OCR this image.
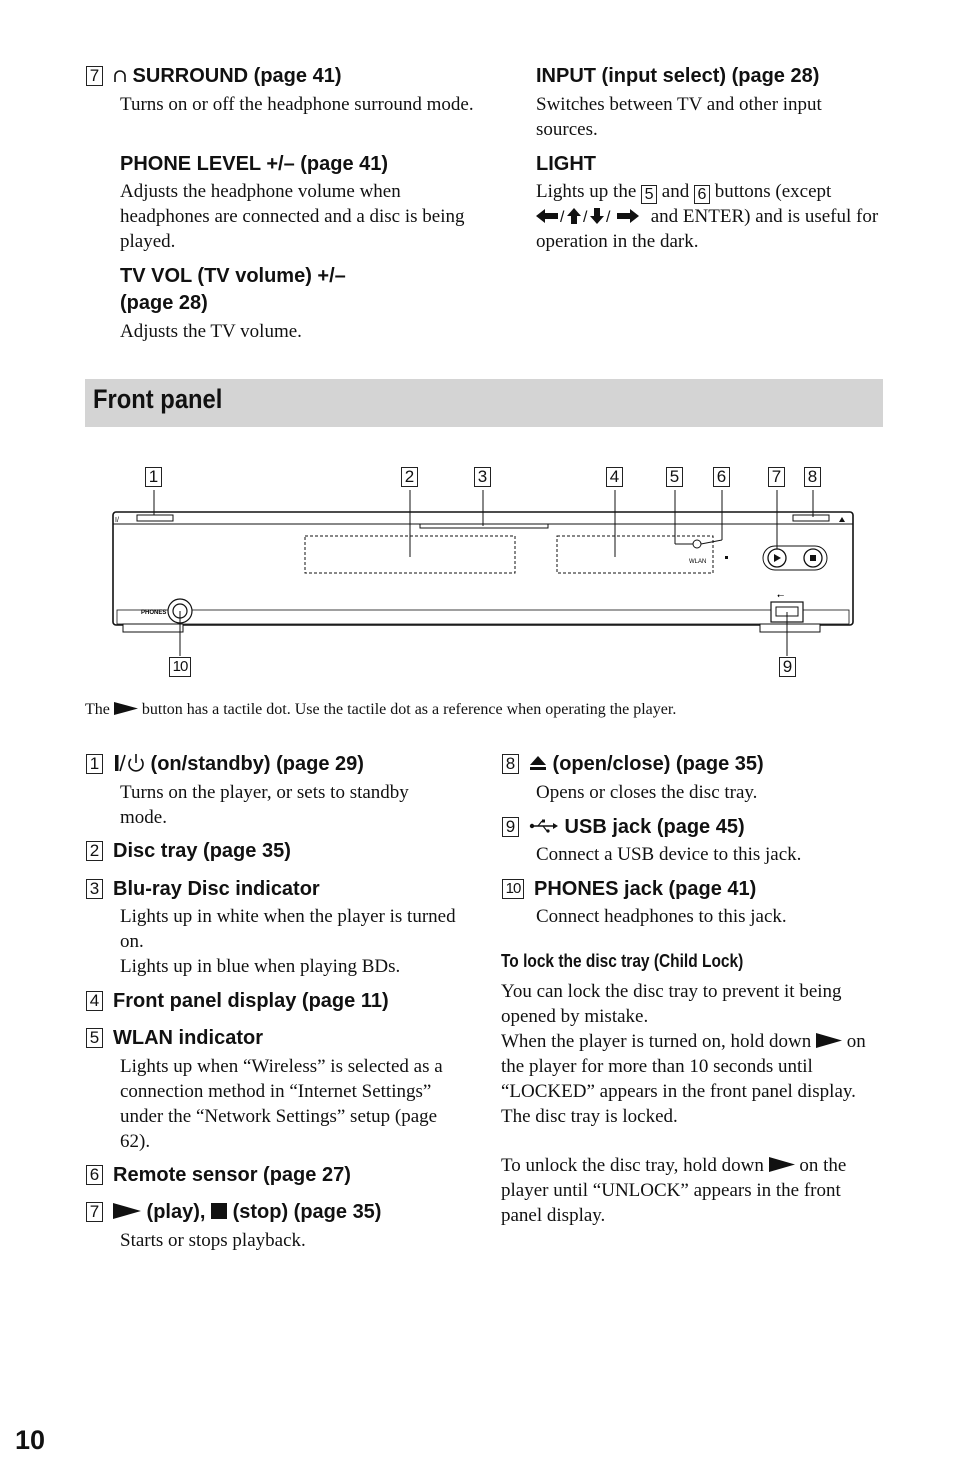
7 SURROUND (page 41)
Turns on or off the headphone surround mode.
PHONE LEVEL +/– (page 41)
Adjusts the headphone volume when headphones are connected and a disc is being played.
TV VOL (TV volume) +/–
(page 28)
Adjusts the TV volume.
INPUT (input select) (page 28)
Switches between TV and other input sources.
LIGHT
Lights up the 5 and 6 buttons (except

/ / / and ENTER) and is useful for operation in the dark.
Front panel
I/
WLAN
PHONES
⭠
1	2	3	4	5 6	7 8
10	9
The button has a tactile dot. Use the tactile dot as a reference when operating the player.
1 (on/standby) (page 29)
Turns on the player, or sets to standby mode.
2 Disc tray (page 35)
3 Blu-ray Disc indicator
Lights up in white when the player is turned on.
Lights up in blue when playing BDs.
4 Front panel display (page 11)
5 WLAN indicator
Lights up when “Wireless” is selected as a connection method in “Internet Settings” under the “Network Settings” setup (page 62).
6 Remote sensor (page 27)
7 (play),  (stop) (page 35)
Starts or stops playback.
8 (open/close) (page 35)
Opens or closes the disc tray.
9 USB jack (page 45)
Connect a USB device to this jack.
10 PHONES jack (page 41)
Connect headphones to this jack.
To lock the disc tray (Child Lock)
You can lock the disc tray to prevent it being opened by mistake.
When the player is turned on, hold down on the player for more than 10 seconds until “LOCKED” appears in the front panel display. The disc tray is locked.
To unlock the disc tray, hold down on the player until “UNLOCK” appears in the front panel display.
10
